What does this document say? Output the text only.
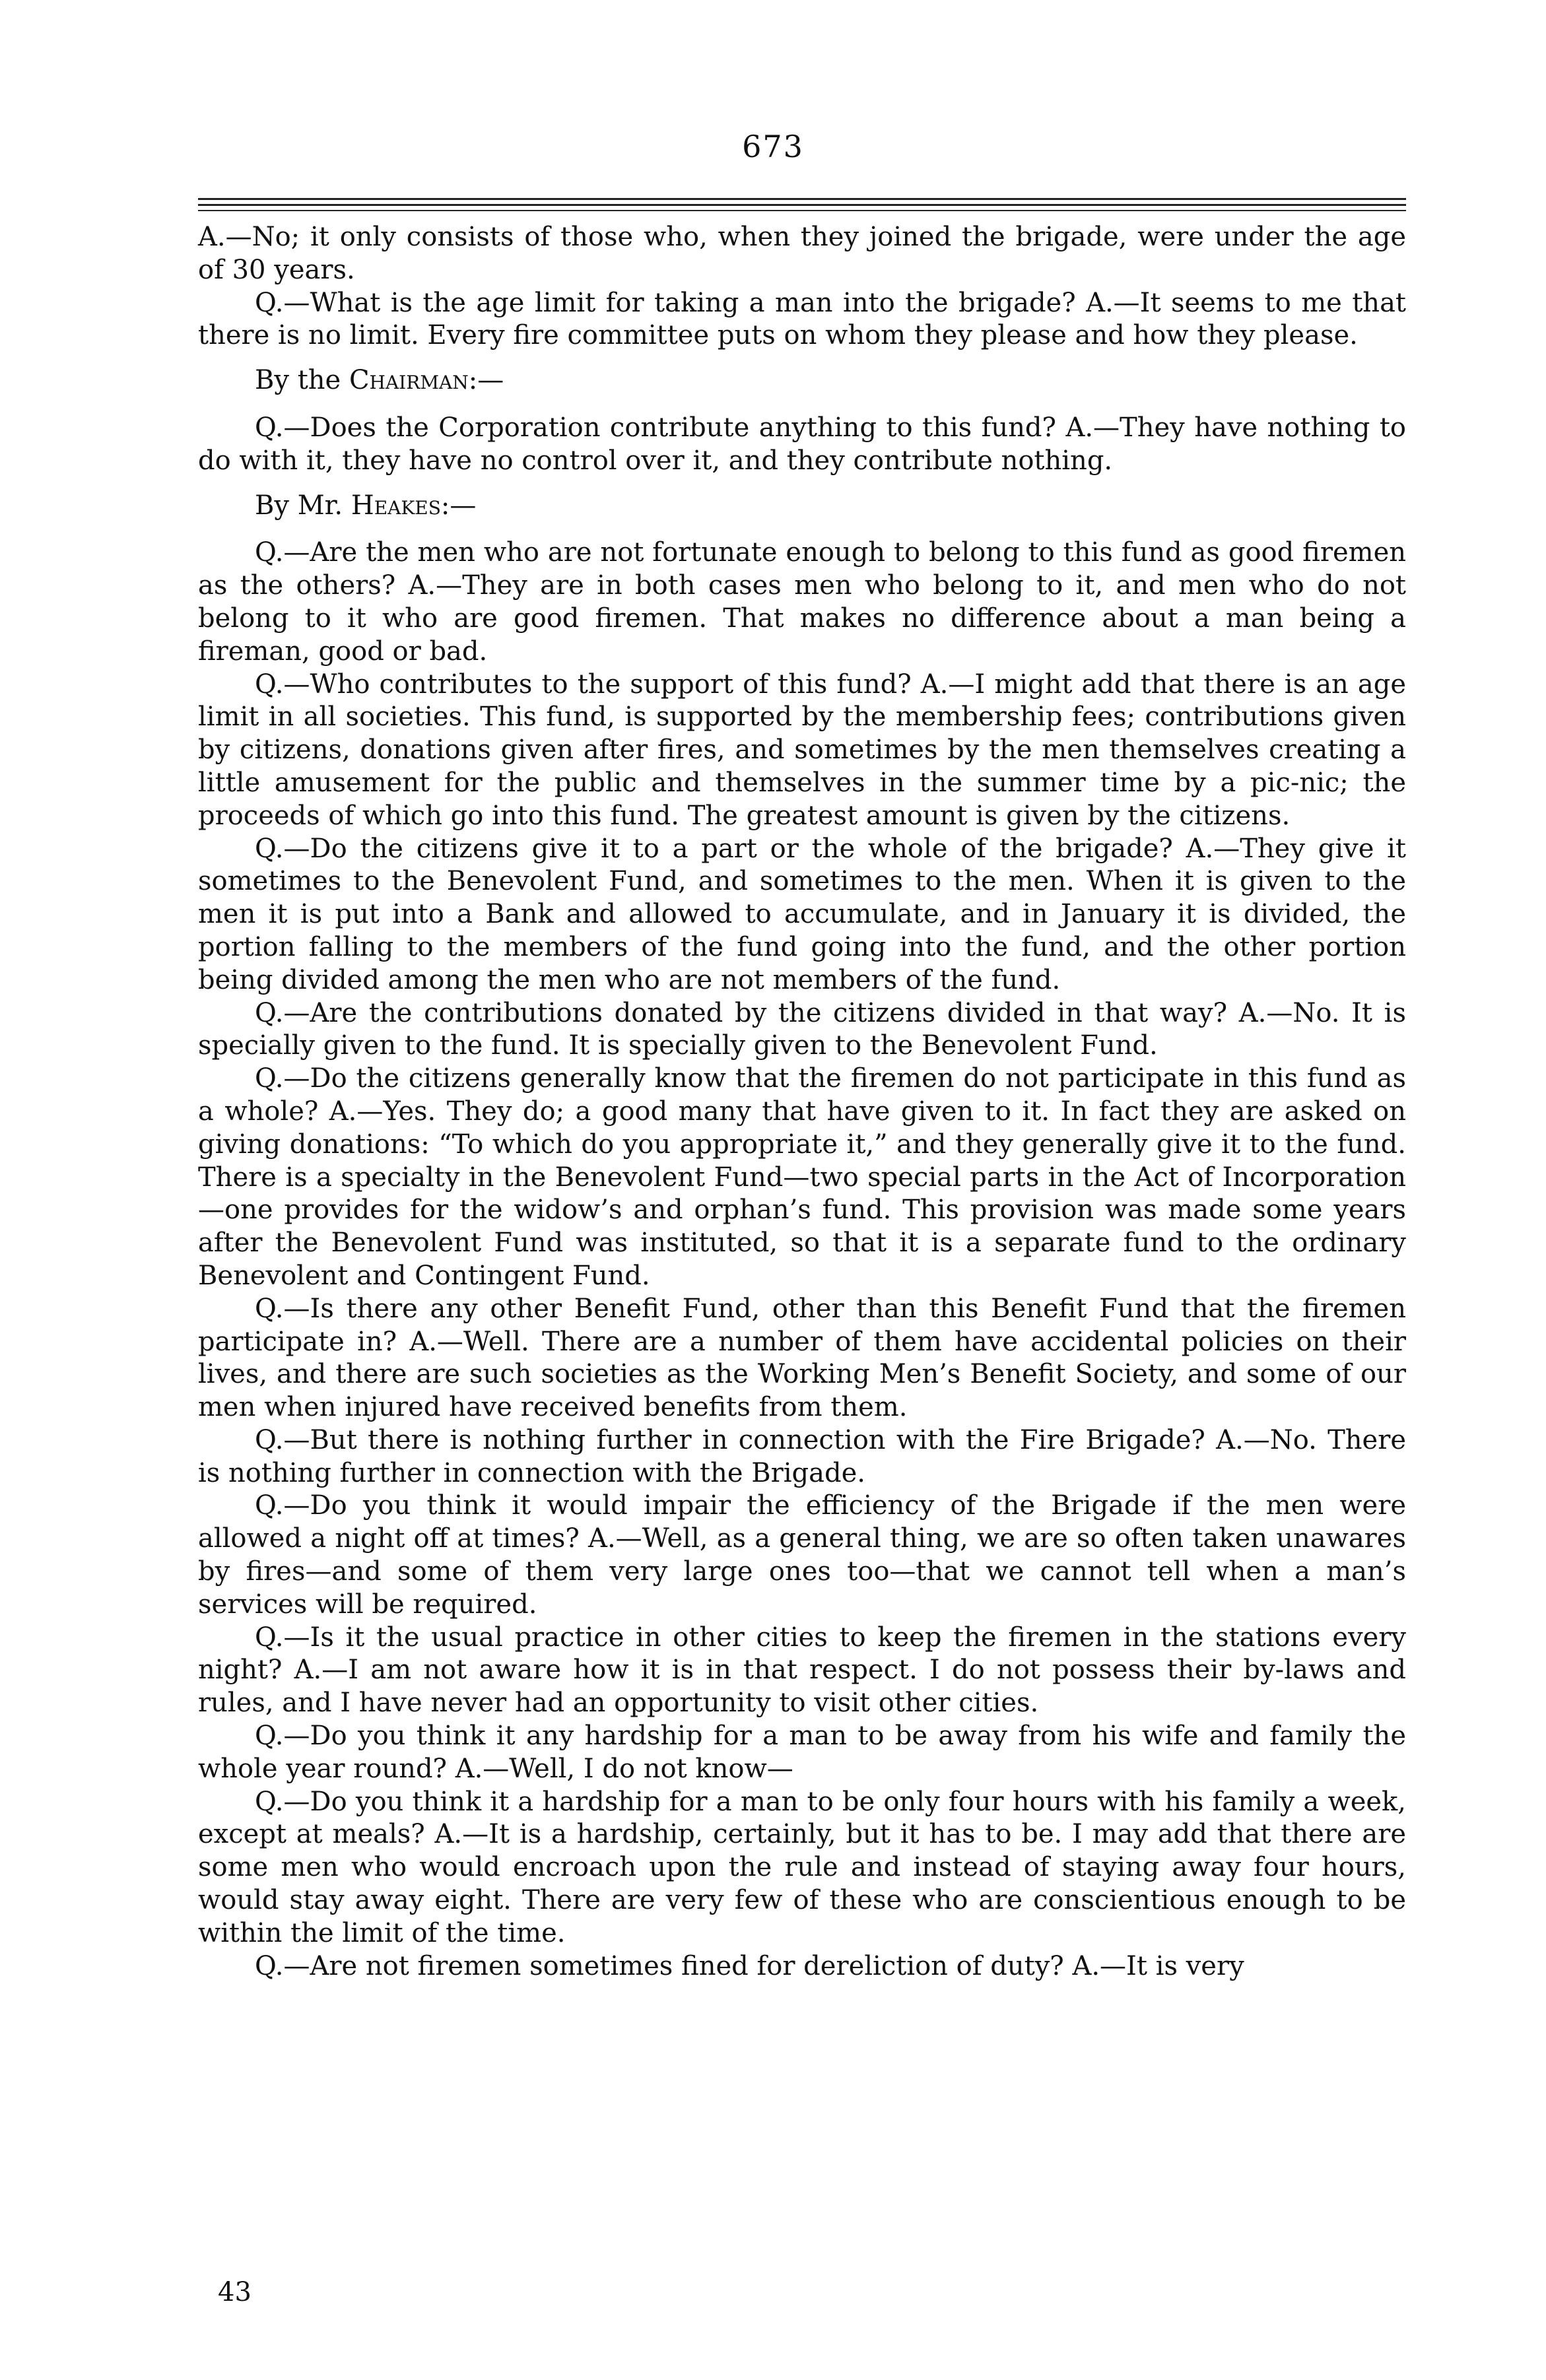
673

A.—No; it only consists of those who, when they joined the brigade, were under the age of 30 years.

Q.—What is the age limit for taking a man into the brigade? A.—It seems to me that there is no limit. Every fire committee puts on whom they please and how they please.

By the Chairman:—

Q.—Does the Corporation contribute anything to this fund? A.—They have nothing to do with it, they have no control over it, and they contribute nothing.

By Mr. Heakes:—

Q.—Are the men who are not fortunate enough to belong to this fund as good firemen as the others? A.—They are in both cases men who belong to it, and men who do not belong to it who are good firemen. That makes no difference about a man being a fireman, good or bad.

Q.—Who contributes to the support of this fund? A.—I might add that there is an age limit in all societies. This fund, is supported by the membership fees; contributions given by citizens, donations given after fires, and sometimes by the men themselves creating a little amusement for the public and themselves in the summer time by a pic-nic; the proceeds of which go into this fund. The greatest amount is given by the citizens.

Q.—Do the citizens give it to a part or the whole of the brigade? A.—They give it sometimes to the Benevolent Fund, and sometimes to the men. When it is given to the men it is put into a Bank and allowed to accumulate, and in January it is divided, the portion falling to the members of the fund going into the fund, and the other portion being divided among the men who are not members of the fund.

Q.—Are the contributions donated by the citizens divided in that way? A.—No. It is specially given to the fund. It is specially given to the Benevolent Fund.

Q.—Do the citizens generally know that the firemen do not participate in this fund as a whole? A.—Yes. They do; a good many that have given to it. In fact they are asked on giving donations: “To which do you appropriate it,” and they generally give it to the fund. There is a specialty in the Benevolent Fund—two special parts in the Act of Incorporation—one provides for the widow’s and orphan’s fund. This provision was made some years after the Benevolent Fund was instituted, so that it is a separate fund to the ordinary Benevolent and Contingent Fund.

Q.—Is there any other Benefit Fund, other than this Benefit Fund that the firemen participate in? A.—Well. There are a number of them have accidental policies on their lives, and there are such societies as the Working Men’s Benefit Society, and some of our men when injured have received benefits from them.

Q.—But there is nothing further in connection with the Fire Brigade? A.—No. There is nothing further in connection with the Brigade.

Q.—Do you think it would impair the efficiency of the Brigade if the men were allowed a night off at times? A.—Well, as a general thing, we are so often taken unawares by fires—and some of them very large ones too—that we cannot tell when a man’s services will be required.

Q.—Is it the usual practice in other cities to keep the firemen in the stations every night? A.—I am not aware how it is in that respect. I do not possess their by-laws and rules, and I have never had an opportunity to visit other cities.

Q.—Do you think it any hardship for a man to be away from his wife and family the whole year round? A.—Well, I do not know—

Q.—Do you think it a hardship for a man to be only four hours with his family a week, except at meals? A.—It is a hardship, certainly, but it has to be. I may add that there are some men who would encroach upon the rule and instead of staying away four hours, would stay away eight. There are very few of these who are conscientious enough to be within the limit of the time.

Q.—Are not firemen sometimes fined for dereliction of duty? A.—It is very

43
